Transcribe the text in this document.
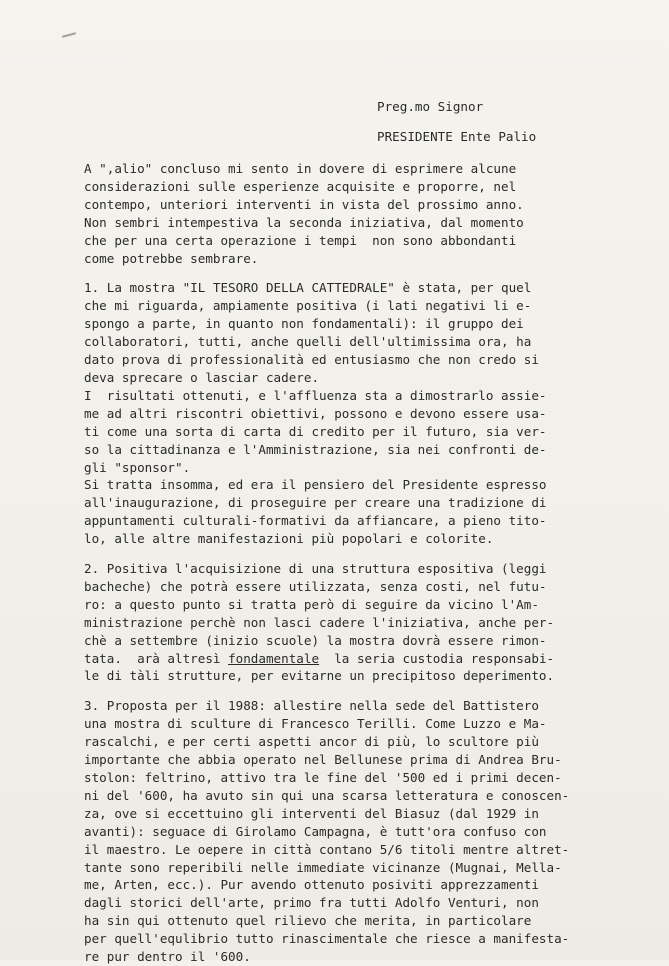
Preg.mo Signor
PRESIDENTE Ente Palio
A "‚alio" concluso mi sento in dovere di esprimere alcune
considerazioni sulle esperienze acquisite e proporre, nel
contempo, unteriori interventi in vista del prossimo anno.
Non sembri intempestiva la seconda iniziativa, dal momento
che per una certa operazione i tempi  non sono abbondanti
come potrebbe sembrare.
1. La mostra "IL TESORO DELLA CATTEDRALE" è stata, per quel
che mi riguarda, ampiamente positiva (i lati negativi li e-
spongo a parte, in quanto non fondamentali): il gruppo dei
collaboratori, tutti, anche quelli dell'ultimissima ora, ha
dato prova di professionalità ed entusiasmo che non credo si
deva sprecare o lasciar cadere.
I  risultati ottenuti, e l'affluenza sta a dimostrarlo assie-
me ad altri riscontri obiettivi, possono e devono essere usa-
ti come una sorta di carta di credito per il futuro, sia ver-
so la cittadinanza e l'Amministrazione, sia nei confronti de-
gli "sponsor".
Si tratta insomma, ed era il pensiero del Presidente espresso
all'inaugurazione, di proseguire per creare una tradizione di
appuntamenti culturali-formativi da affiancare, a pieno tito-
lo, alle altre manifestazioni più popolari e colorite.
2. Positiva l'acquisizione di una struttura espositiva (leggi
bacheche) che potrà essere utilizzata, senza costi, nel futu-
ro: a questo punto si tratta però di seguire da vicino l'Am-
ministrazione perchè non lasci cadere l'iniziativa, anche per-
chè a settembre (inizio scuole) la mostra dovrà essere rimon-
tata.  arà altresì fondamentale  la seria custodia responsabi-
le di tàli strutture, per evitarne un precipitoso deperimento.
3. Proposta per il 1988: allestire nella sede del Battistero
una mostra di sculture di Francesco Terilli. Come Luzzo e Ma-
rascalchi, e per certi aspetti ancor di più, lo scultore più
importante che abbia operato nel Bellunese prima di Andrea Bru-
stolon: feltrino, attivo tra le fine del '500 ed i primi decen-
ni del '600, ha avuto sin qui una scarsa letteratura e conoscen-
za, ove si eccettuino gli interventi del Biasuz (dal 1929 in
avanti): seguace di Girolamo Campagna, è tutt'ora confuso con
il maestro. Le oepere in città contano 5/6 titoli mentre altret-
tante sono reperibili nelle immediate vicinanze (Mugnai, Mella-
me, Arten, ecc.). Pur avendo ottenuto posiviti apprezzamenti
dagli storici dell'arte, primo fra tutti Adolfo Venturi, non
ha sin qui ottenuto quel rilievo che merita, in particolare
per quell'equlibrio tutto rinascimentale che riesce a manifesta-
re pur dentro il '600.
